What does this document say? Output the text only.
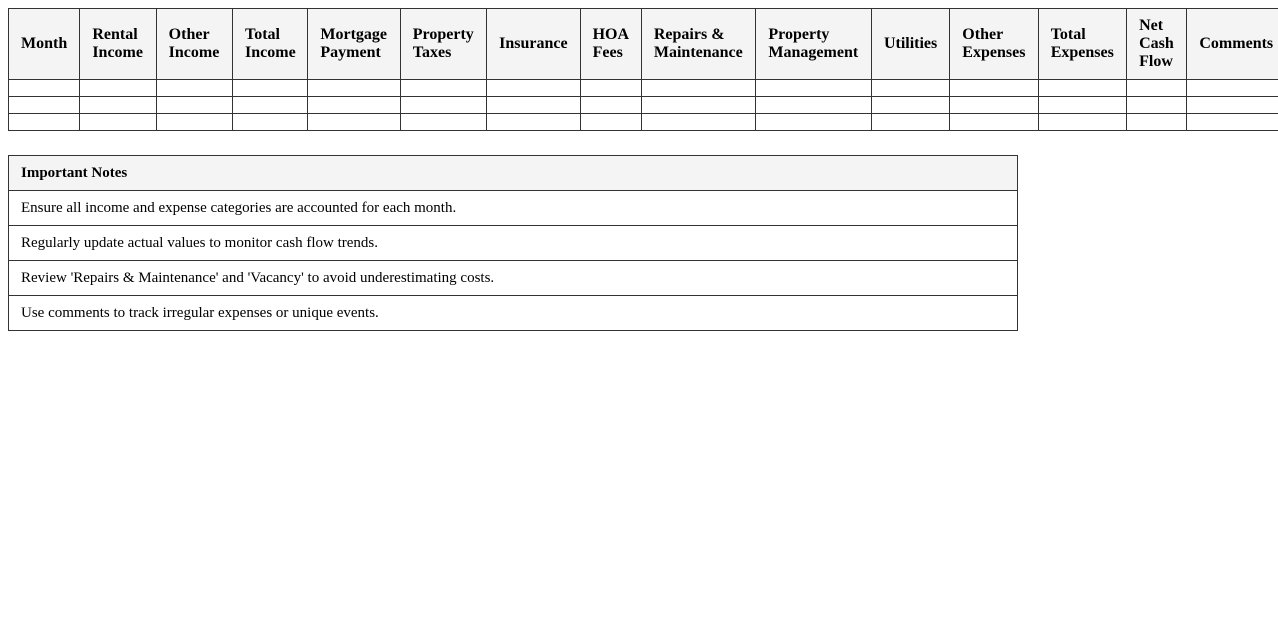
Month	Rental Income	Other Income	Total Income	Mortgage Payment	Property Taxes	Insurance	HOA Fees	Repairs & Maintenance	Property Management	Utilities	Other Expenses	Total Expenses	Net Cash Flow	Comments

Important Notes
Ensure all income and expense categories are accounted for each month.
Regularly update actual values to monitor cash flow trends.
Review 'Repairs & Maintenance' and 'Vacancy' to avoid underestimating costs.
Use comments to track irregular expenses or unique events.
